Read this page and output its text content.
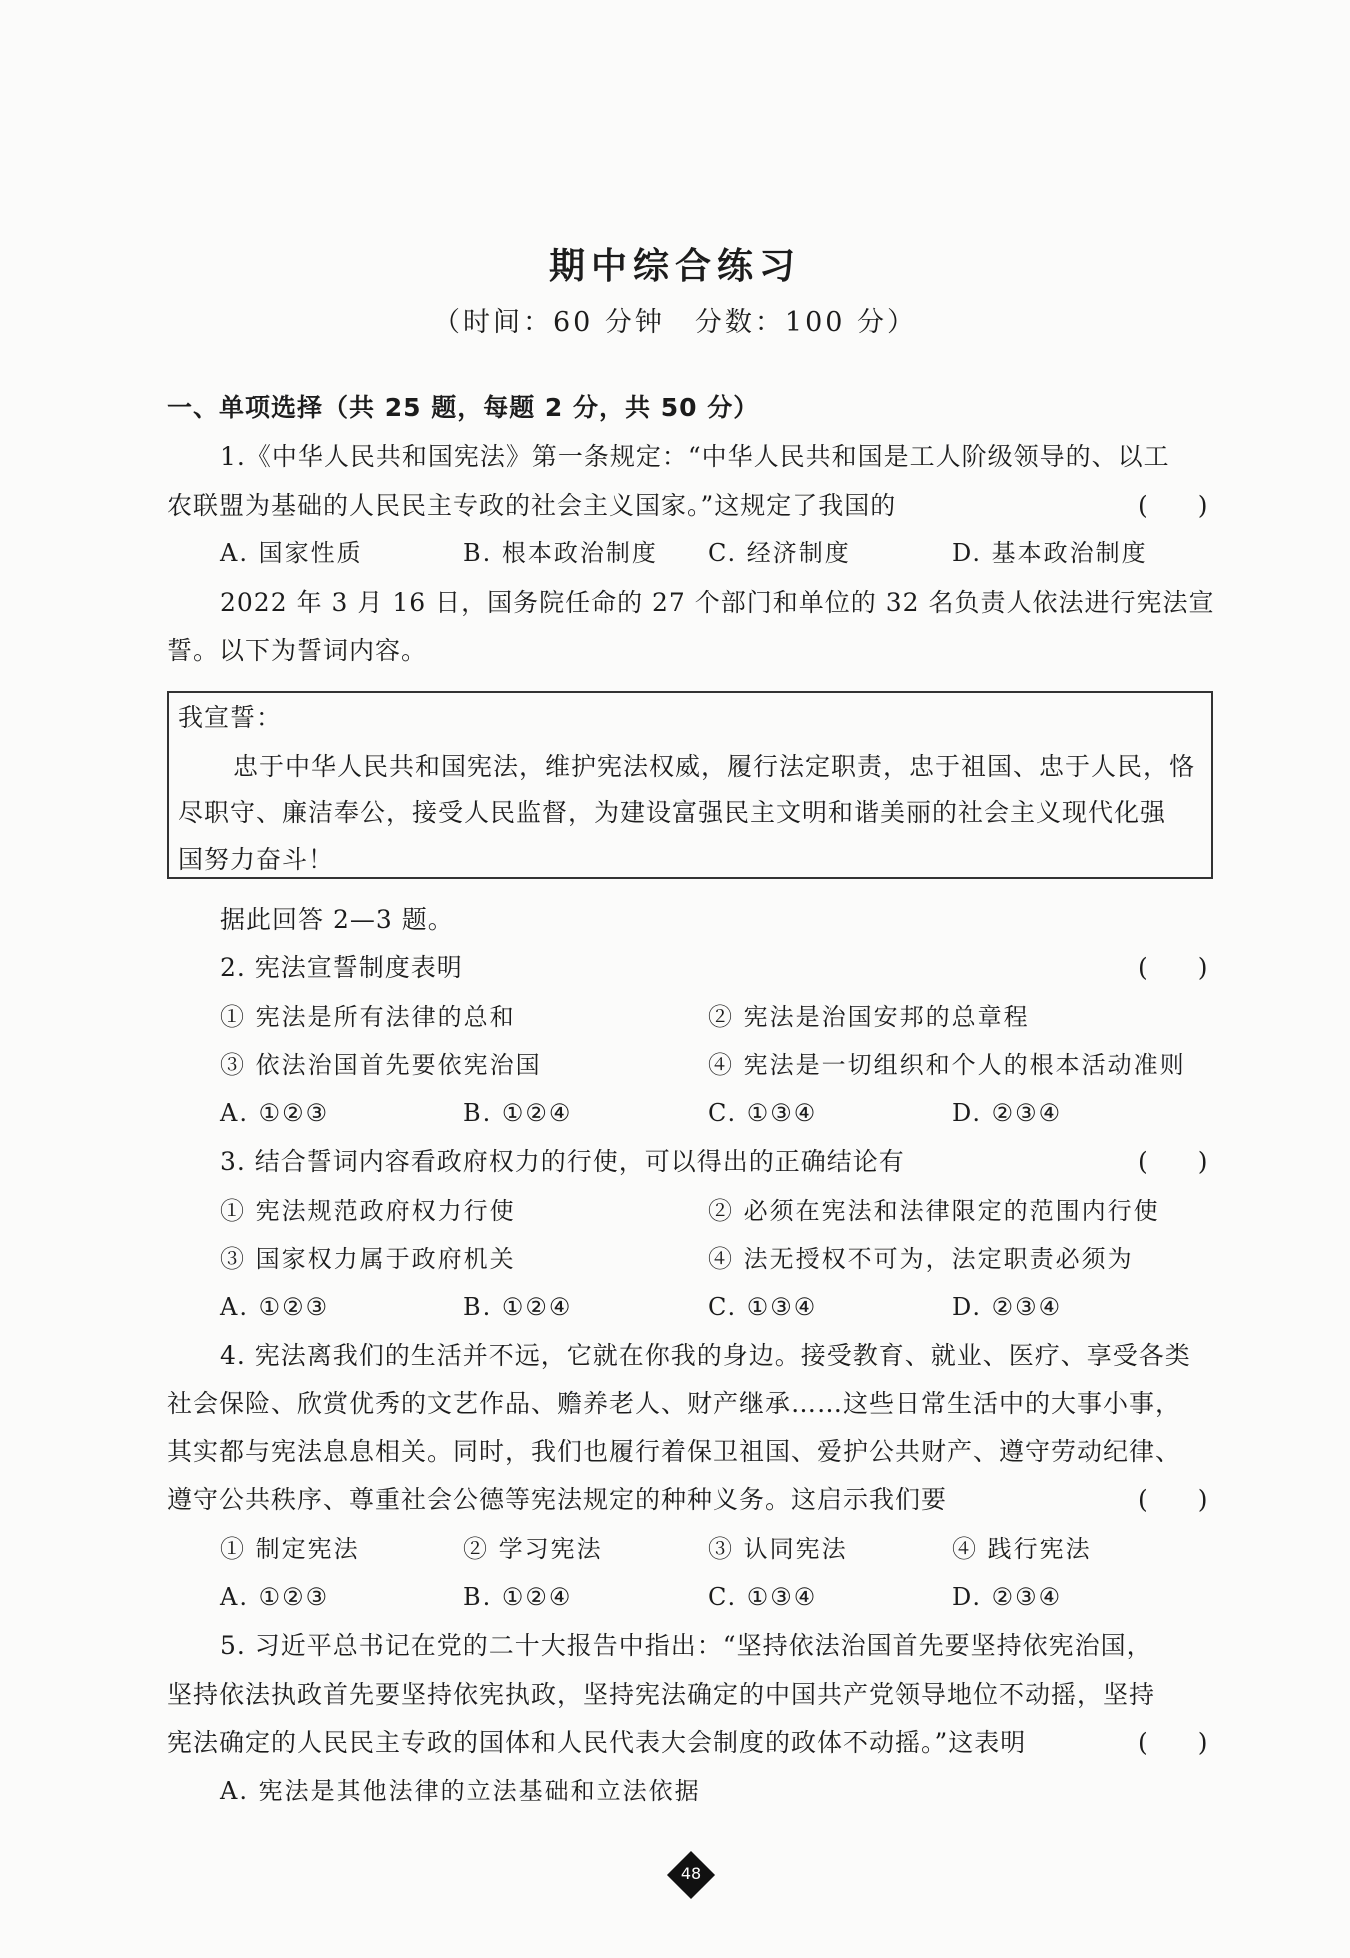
期中综合练习
（时间：60 分钟　分数：100 分）
一、单项选择（共 25 题，每题 2 分，共 50 分）
1.《中华人民共和国宪法》第一条规定：“中华人民共和国是工人阶级领导的、以工
农联盟为基础的人民民主专政的社会主义国家。”这规定了我国的	(　　)
A. 国家性质	B. 根本政治制度 C. 经济制度	D. 基本政治制度
2022 年 3 月 16 日，国务院任命的 27 个部门和单位的 32 名负责人依法进行宪法宣
誓。以下为誓词内容。
我宣誓：
忠于中华人民共和国宪法，维护宪法权威，履行法定职责，忠于祖国、忠于人民，恪
尽职守、廉洁奉公，接受人民监督，为建设富强民主文明和谐美丽的社会主义现代化强
国努力奋斗！
据此回答 2—3 题。
2. 宪法宣誓制度表明	(　　)
① 宪法是所有法律的总和	② 宪法是治国安邦的总章程
③ 依法治国首先要依宪治国	④ 宪法是一切组织和个人的根本活动准则
A. ①②③	B. ①②④	C. ①③④	D. ②③④
3. 结合誓词内容看政府权力的行使，可以得出的正确结论有	(　　)
① 宪法规范政府权力行使	② 必须在宪法和法律限定的范围内行使
③ 国家权力属于政府机关	④ 法无授权不可为，法定职责必须为
A. ①②③	B. ①②④	C. ①③④	D. ②③④
4. 宪法离我们的生活并不远，它就在你我的身边。接受教育、就业、医疗、享受各类
社会保险、欣赏优秀的文艺作品、赡养老人、财产继承……这些日常生活中的大事小事，
其实都与宪法息息相关。同时，我们也履行着保卫祖国、爱护公共财产、遵守劳动纪律、
遵守公共秩序、尊重社会公德等宪法规定的种种义务。这启示我们要	(　　)
① 制定宪法	② 学习宪法	③ 认同宪法	④ 践行宪法
A. ①②③	B. ①②④	C. ①③④	D. ②③④
5. 习近平总书记在党的二十大报告中指出：“坚持依法治国首先要坚持依宪治国，
坚持依法执政首先要坚持依宪执政，坚持宪法确定的中国共产党领导地位不动摇，坚持
宪法确定的人民民主专政的国体和人民代表大会制度的政体不动摇。”这表明	(　　)
A. 宪法是其他法律的立法基础和立法依据
48
